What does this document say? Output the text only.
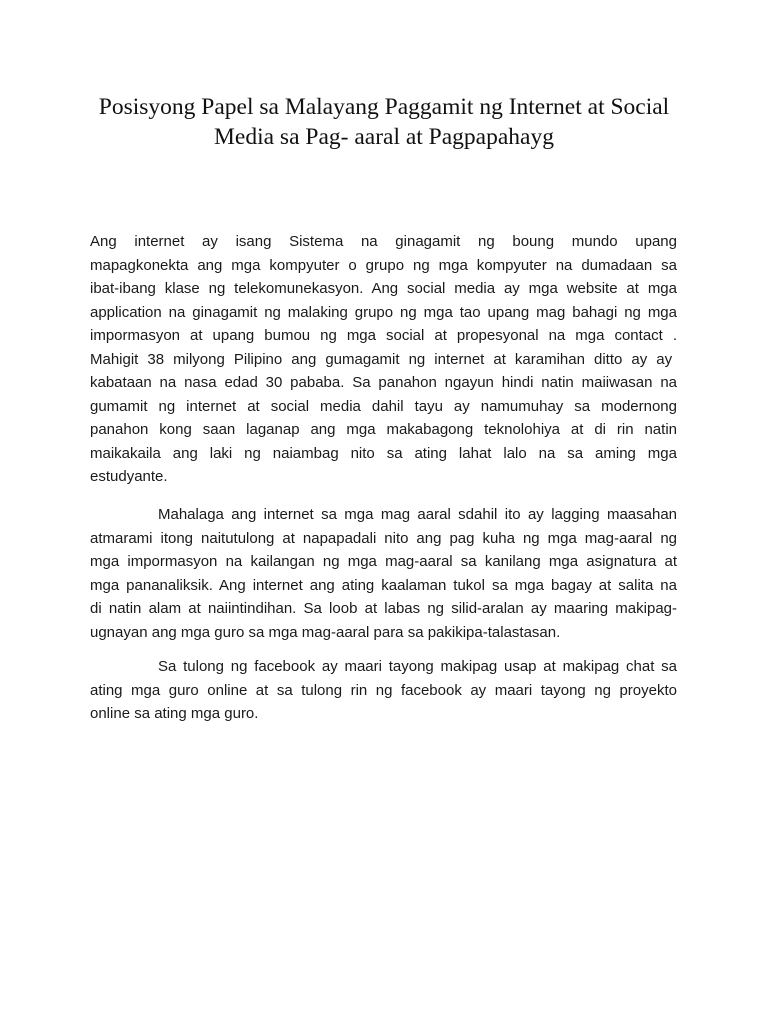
Posisyong Papel sa Malayang Paggamit ng Internet at Social
Media sa Pag- aaral at Pagpapahayg

Ang internet ay isang Sistema na ginagamit ng boung mundo upang
mapagkonekta ang mga kompyuter o grupo ng mga kompyuter na dumadaan sa
ibat-ibang klase ng telekomunekasyon. Ang social media ay mga website at mga
application na ginagamit ng malaking grupo ng mga tao upang mag bahagi ng mga
impormasyon at upang bumou ng mga social at propesyonal na mga contact .
Mahigit 38 milyong Pilipino ang gumagamit ng internet at karamihan ditto ay ay
kabataan na nasa edad 30 pababa. Sa panahon ngayun hindi natin maiiwasan na
gumamit ng internet at social media dahil tayu ay namumuhay sa modernong
panahon kong saan laganap ang mga makabagong teknolohiya at di rin natin
maikakaila ang laki ng naiambag nito sa ating lahat lalo na sa aming mga
estudyante.

Mahalaga ang internet sa mga mag aaral sdahil ito ay lagging maasahan
atmarami itong naitutulong at napapadali nito ang pag kuha ng mga mag-aaral ng
mga impormasyon na kailangan ng mga mag-aaral sa kanilang mga asignatura at
mga pananaliksik. Ang internet ang ating kaalaman tukol sa mga bagay at salita na
di natin alam at naiintindihan. Sa loob at labas ng silid-aralan ay maaring makipag-
ugnayan ang mga guro sa mga mag-aaral para sa pakikipa-talastasan.

Sa tulong ng facebook ay maari tayong makipag usap at makipag chat sa
ating mga guro online at sa tulong rin ng facebook ay maari tayong ng proyekto
online sa ating mga guro.
